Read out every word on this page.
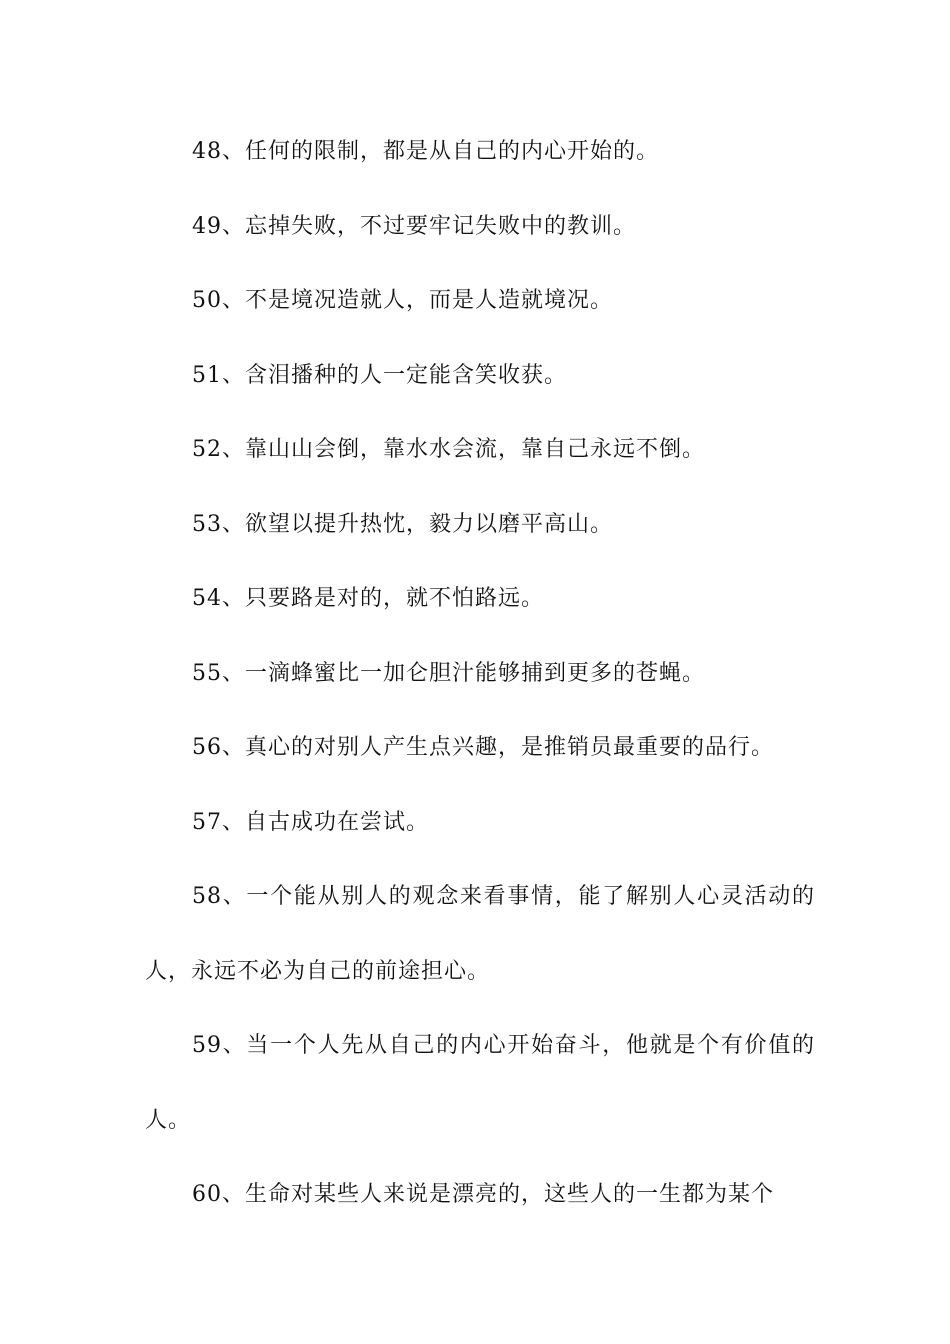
48、任何的限制，都是从自己的内心开始的。

49、忘掉失败，不过要牢记失败中的教训。

50、不是境况造就人，而是人造就境况。

51、含泪播种的人一定能含笑收获。

52、靠山山会倒，靠水水会流，靠自己永远不倒。

53、欲望以提升热忱，毅力以磨平高山。

54、只要路是对的，就不怕路远。

55、一滴蜂蜜比一加仑胆汁能够捕到更多的苍蝇。

56、真心的对别人产生点兴趣，是推销员最重要的品行。

57、自古成功在尝试。

58、一个能从别人的观念来看事情，能了解别人心灵活动的人，永远不必为自己的前途担心。

59、当一个人先从自己的内心开始奋斗，他就是个有价值的人。

60、生命对某些人来说是漂亮的，这些人的一生都为某个
